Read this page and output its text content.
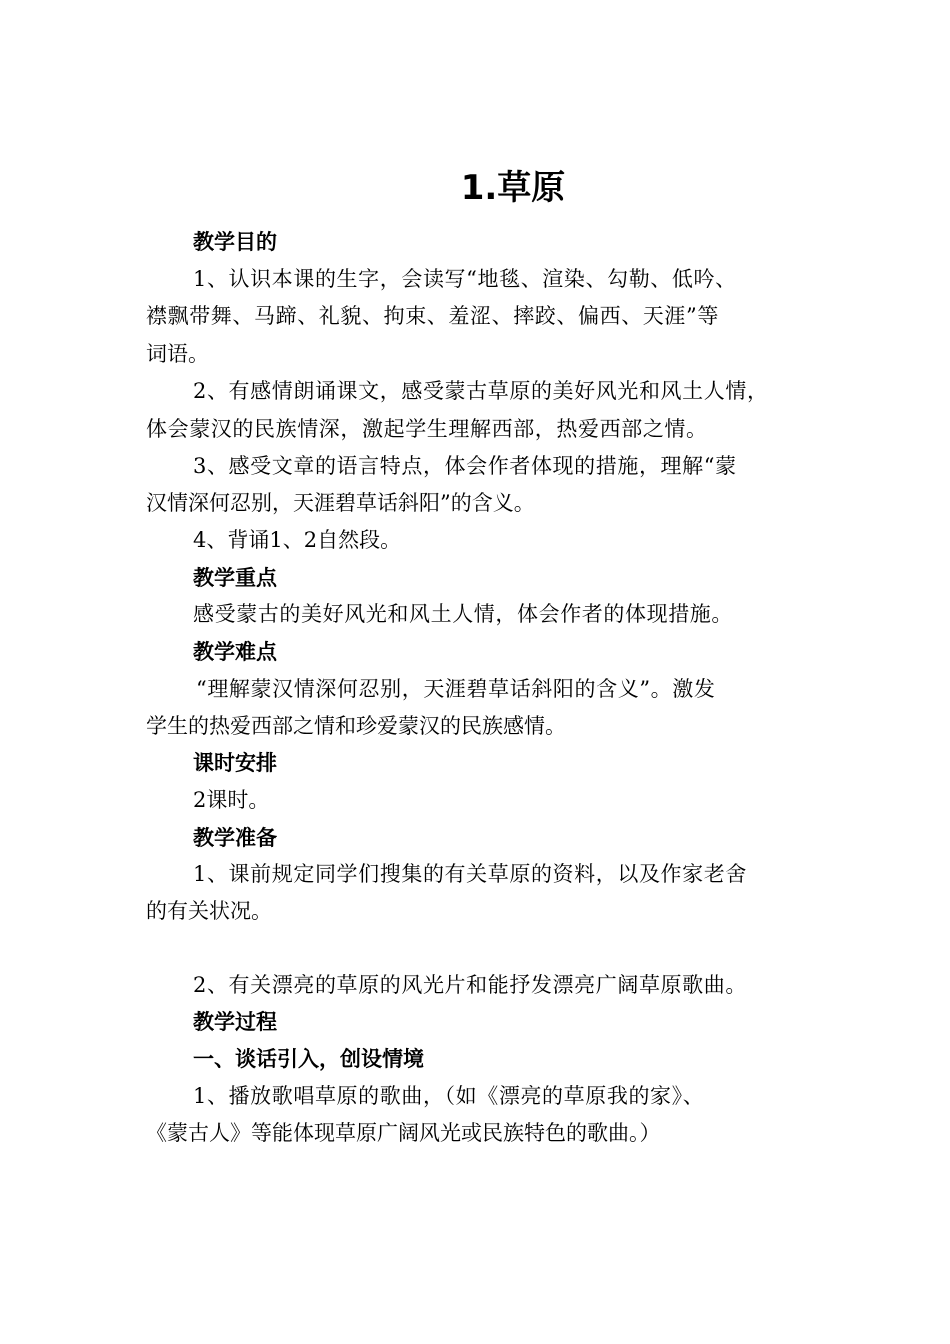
1.草原
教学目的
1、认识本课的生字，会读写“地毯、渲染、勾勒、低吟、
襟飘带舞、马蹄、礼貌、拘束、羞涩、摔跤、偏西、天涯”等
词语。
2、有感情朗诵课文，感受蒙古草原的美好风光和风土人情，
体会蒙汉的民族情深，激起学生理解西部，热爱西部之情。
3、感受文章的语言特点，体会作者体现的措施，理解“蒙
汉情深何忍别，天涯碧草话斜阳”的含义。
4、背诵1、2自然段。
教学重点
感受蒙古的美好风光和风土人情，体会作者的体现措施。
教学难点
“理解蒙汉情深何忍别，天涯碧草话斜阳的含义”。激发
学生的热爱西部之情和珍爱蒙汉的民族感情。
课时安排
2课时。
教学准备
1、课前规定同学们搜集的有关草原的资料，以及作家老舍
的有关状况。
2、有关漂亮的草原的风光片和能抒发漂亮广阔草原歌曲。
教学过程
一、谈话引入，创设情境
1、播放歌唱草原的歌曲，（如《漂亮的草原我的家》、
《蒙古人》等能体现草原广阔风光或民族特色的歌曲。）
